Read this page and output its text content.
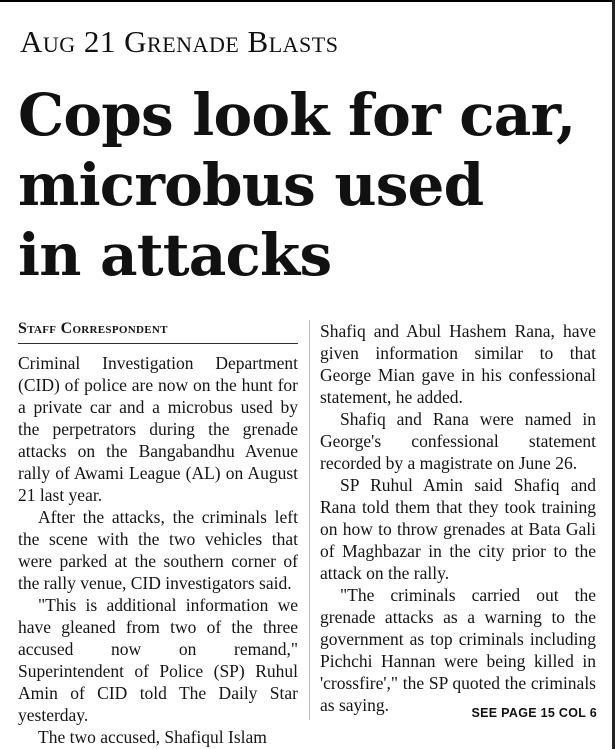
Aug 21 Grenade Blasts
Cops look for car,
microbus used
in attacks
Staff Correspondent

Criminal Investigation Department (CID) of police are now on the hunt for a private car and a microbus used by the perpetrators during the grenade attacks on the Bangabandhu Avenue rally of Awami League (AL) on August 21 last year.

After the attacks, the criminals left the scene with the two vehicles that were parked at the southern corner of the rally venue, CID investigators said.

"This is additional information we have gleaned from two of the three accused now on remand," Superintendent of Police (SP) Ruhul Amin of CID told The Daily Star yesterday.

The two accused, Shafiqul Islam

Shafiq and Abul Hashem Rana, have given information similar to that George Mian gave in his confessional statement, he added.

Shafiq and Rana were named in George's confessional statement recorded by a magistrate on June 26.

SP Ruhul Amin said Shafiq and Rana told them that they took training on how to throw grenades at Bata Gali of Maghbazar in the city prior to the attack on the rally.

"The criminals carried out the grenade attacks as a warning to the government as top criminals including Pichchi Hannan were being killed in 'crossfire'," the SP quoted the criminals as saying.	SEE PAGE 15 COL 6
